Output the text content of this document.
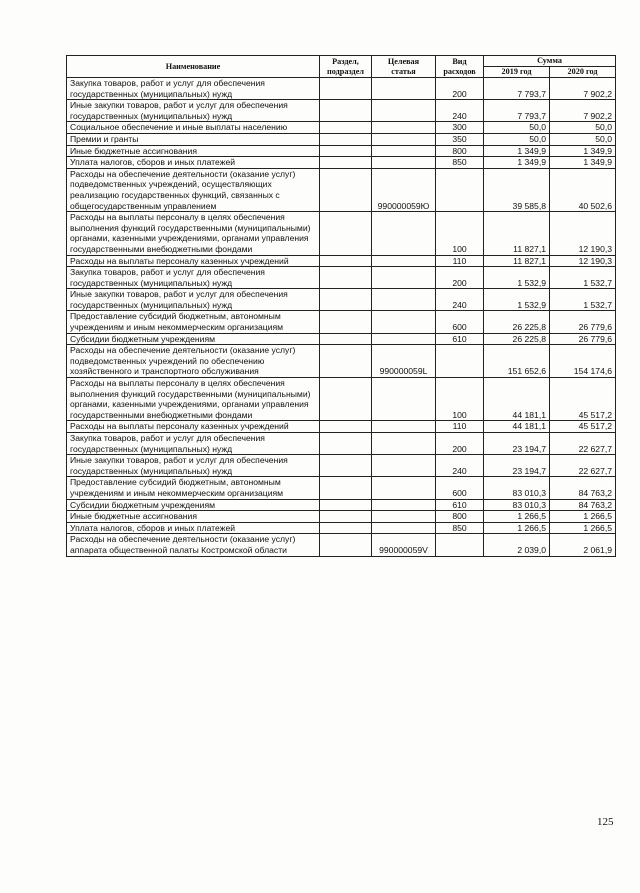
Наименование	Раздел, подраздел	Целевая статья	Вид расходов	Сумма	
				2019 год	2020 год
Закупка товаров, работ и услуг для обеспечения государственных (муниципальных) нужд			200	7 793,7	7 902,2
Иные закупки товаров, работ и услуг для обеспечения государственных (муниципальных) нужд			240	7 793,7	7 902,2
Социальное обеспечение и иные выплаты населению			300	50,0	50,0
Премии и гранты			350	50,0	50,0
Иные бюджетные ассигнования			800	1 349,9	1 349,9
Уплата налогов, сборов и иных платежей			850	1 349,9	1 349,9
Расходы на обеспечение деятельности (оказание услуг) подведомственных учреждений, осуществляющих реализацию государственных функций, связанных с общегосударственным управлением		990000059Ю		39 585,8	40 502,6
Расходы на выплаты персоналу в целях обеспечения выполнения функций государственными (муниципальными) органами, казенными учреждениями, органами управления государственными внебюджетными фондами			100	11 827,1	12 190,3
Расходы на выплаты персоналу казенных учреждений			110	11 827,1	12 190,3
Закупка товаров, работ и услуг для обеспечения государственных (муниципальных) нужд			200	1 532,9	1 532,7
Иные закупки товаров, работ и услуг для обеспечения государственных (муниципальных) нужд			240	1 532,9	1 532,7
Предоставление субсидий бюджетным, автономным учреждениям и иным некоммерческим организациям			600	26 225,8	26 779,6
Субсидии бюджетным учреждениям			610	26 225,8	26 779,6
Расходы на обеспечение деятельности (оказание услуг) подведомственных учреждений по обеспечению хозяйственного и транспортного обслуживания		990000059L		151 652,6	154 174,6
Расходы на выплаты персоналу в целях обеспечения выполнения функций государственными (муниципальными) органами, казенными учреждениями, органами управления государственными внебюджетными фондами			100	44 181,1	45 517,2
Расходы на выплаты персоналу казенных учреждений			110	44 181,1	45 517,2
Закупка товаров, работ и услуг для обеспечения государственных (муниципальных) нужд			200	23 194,7	22 627,7
Иные закупки товаров, работ и услуг для обеспечения государственных (муниципальных) нужд			240	23 194,7	22 627,7
Предоставление субсидий бюджетным, автономным учреждениям и иным некоммерческим организациям			600	83 010,3	84 763,2
Субсидии бюджетным учреждениям			610	83 010,3	84 763,2
Иные бюджетные ассигнования			800	1 266,5	1 266,5
Уплата налогов, сборов и иных платежей			850	1 266,5	1 266,5
Расходы на обеспечение деятельности (оказание услуг) аппарата общественной палаты Костромской области		990000059V		2 039,0	2 061,9
125
